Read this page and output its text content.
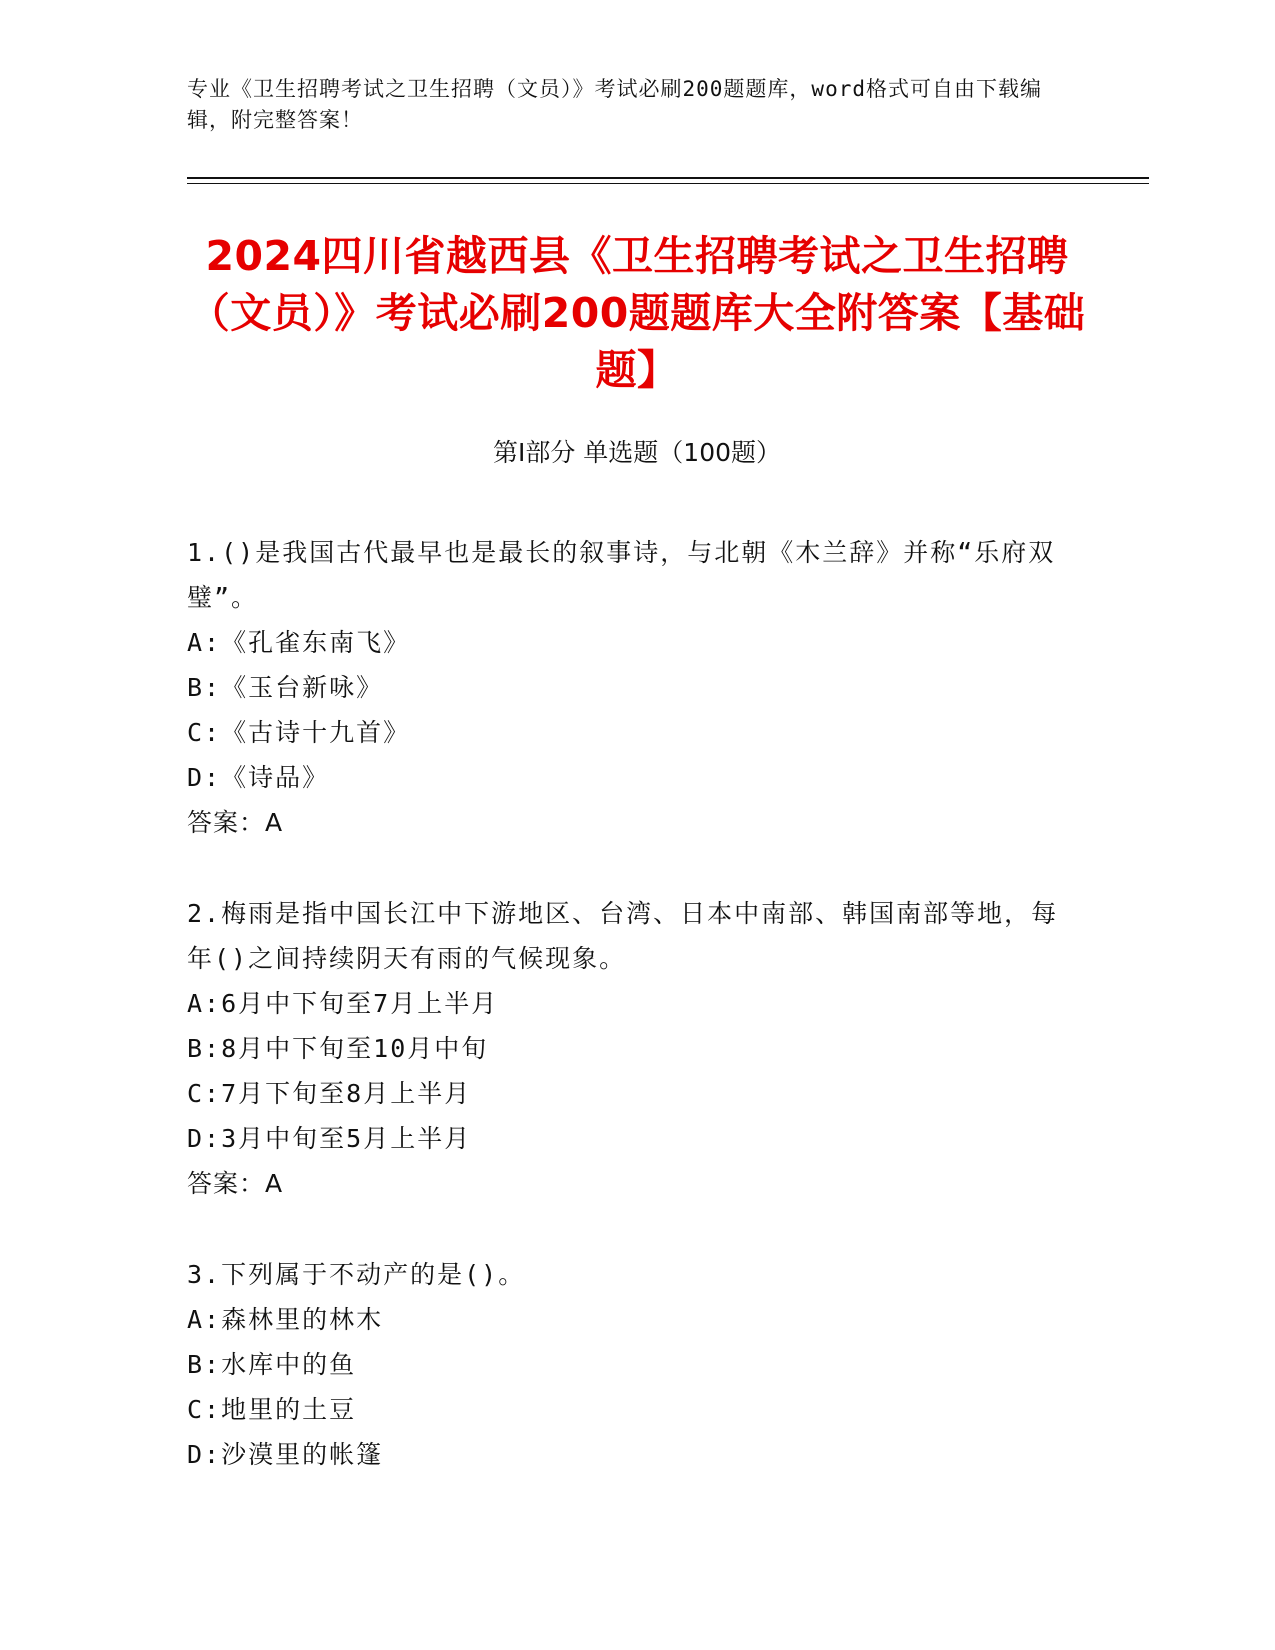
专业《卫生招聘考试之卫生招聘（文员）》考试必刷200题题库，word格式可自由下载编辑，附完整答案！
2024四川省越西县《卫生招聘考试之卫生招聘（文员）》考试必刷200题题库大全附答案【基础题】
第Ⅰ部分 单选题（100题）
1.()是我国古代最早也是最长的叙事诗，与北朝《木兰辞》并称“乐府双璧”。
A:《孔雀东南飞》
B:《玉台新咏》
C:《古诗十九首》
D:《诗品》
答案：A
2.梅雨是指中国长江中下游地区、台湾、日本中南部、韩国南部等地，每年()之间持续阴天有雨的气候现象。
A:6月中下旬至7月上半月
B:8月中下旬至10月中旬
C:7月下旬至8月上半月
D:3月中旬至5月上半月
答案：A
3.下列属于不动产的是()。
A:森林里的林木
B:水库中的鱼
C:地里的土豆
D:沙漠里的帐篷
